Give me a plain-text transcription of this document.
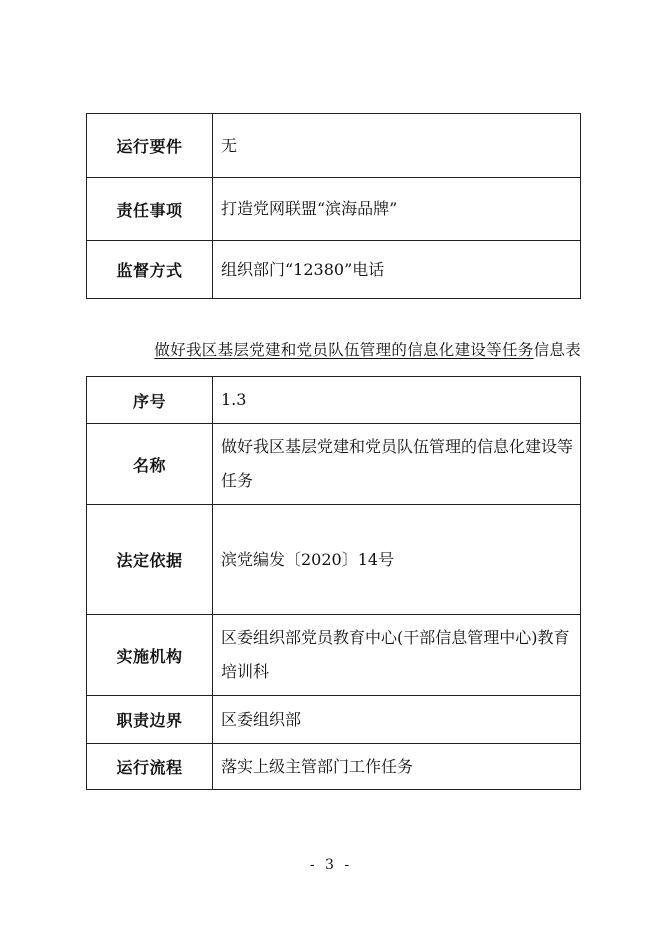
运行要件	无
责任事项	打造党网联盟“滨海品牌”
监督方式	组织部门“12380”电话
做好我区基层党建和党员队伍管理的信息化建设等任务信息表
序号	1.3
名称	做好我区基层党建和党员队伍管理的信息化建设等任务
法定依据	滨党编发〔2020〕14号
实施机构	区委组织部党员教育中心(干部信息管理中心)教育培训科
职责边界	区委组织部
运行流程	落实上级主管部门工作任务
- 3 -
